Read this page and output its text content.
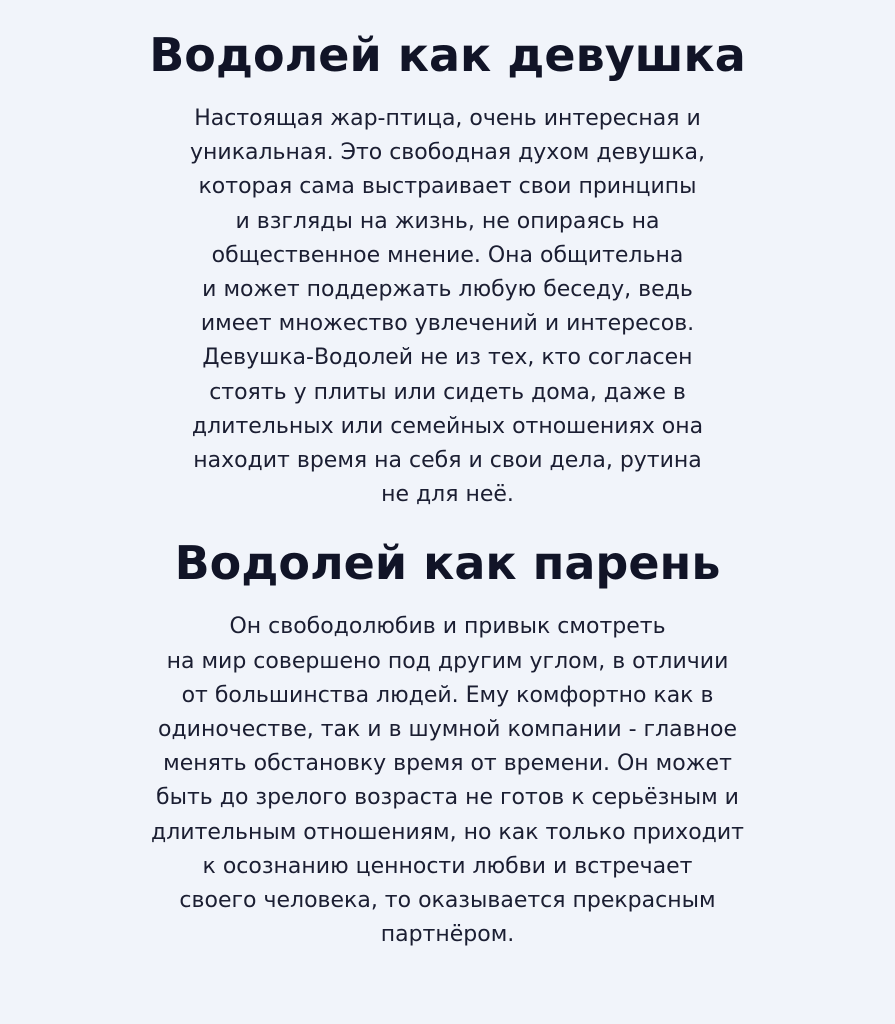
Водолей как девушка
Настоящая жар-птица, очень интересная и
уникальная. Это свободная духом девушка,
которая сама выстраивает свои принципы
и взгляды на жизнь, не опираясь на
общественное мнение. Она общительна
и может поддержать любую беседу, ведь
имеет множество увлечений и интересов.
Девушка-Водолей не из тех, кто согласен
стоять у плиты или сидеть дома, даже в
длительных или семейных отношениях она
находит время на себя и свои дела, рутина
не для неё.
Водолей как парень
Он свободолюбив и привык смотреть
на мир совершено под другим углом, в отличии
от большинства людей. Ему комфортно как в
одиночестве, так и в шумной компании - главное
менять обстановку время от времени. Он может
быть до зрелого возраста не готов к серьёзным и
длительным отношениям, но как только приходит
к осознанию ценности любви и встречает
своего человека, то оказывается прекрасным
партнёром.
